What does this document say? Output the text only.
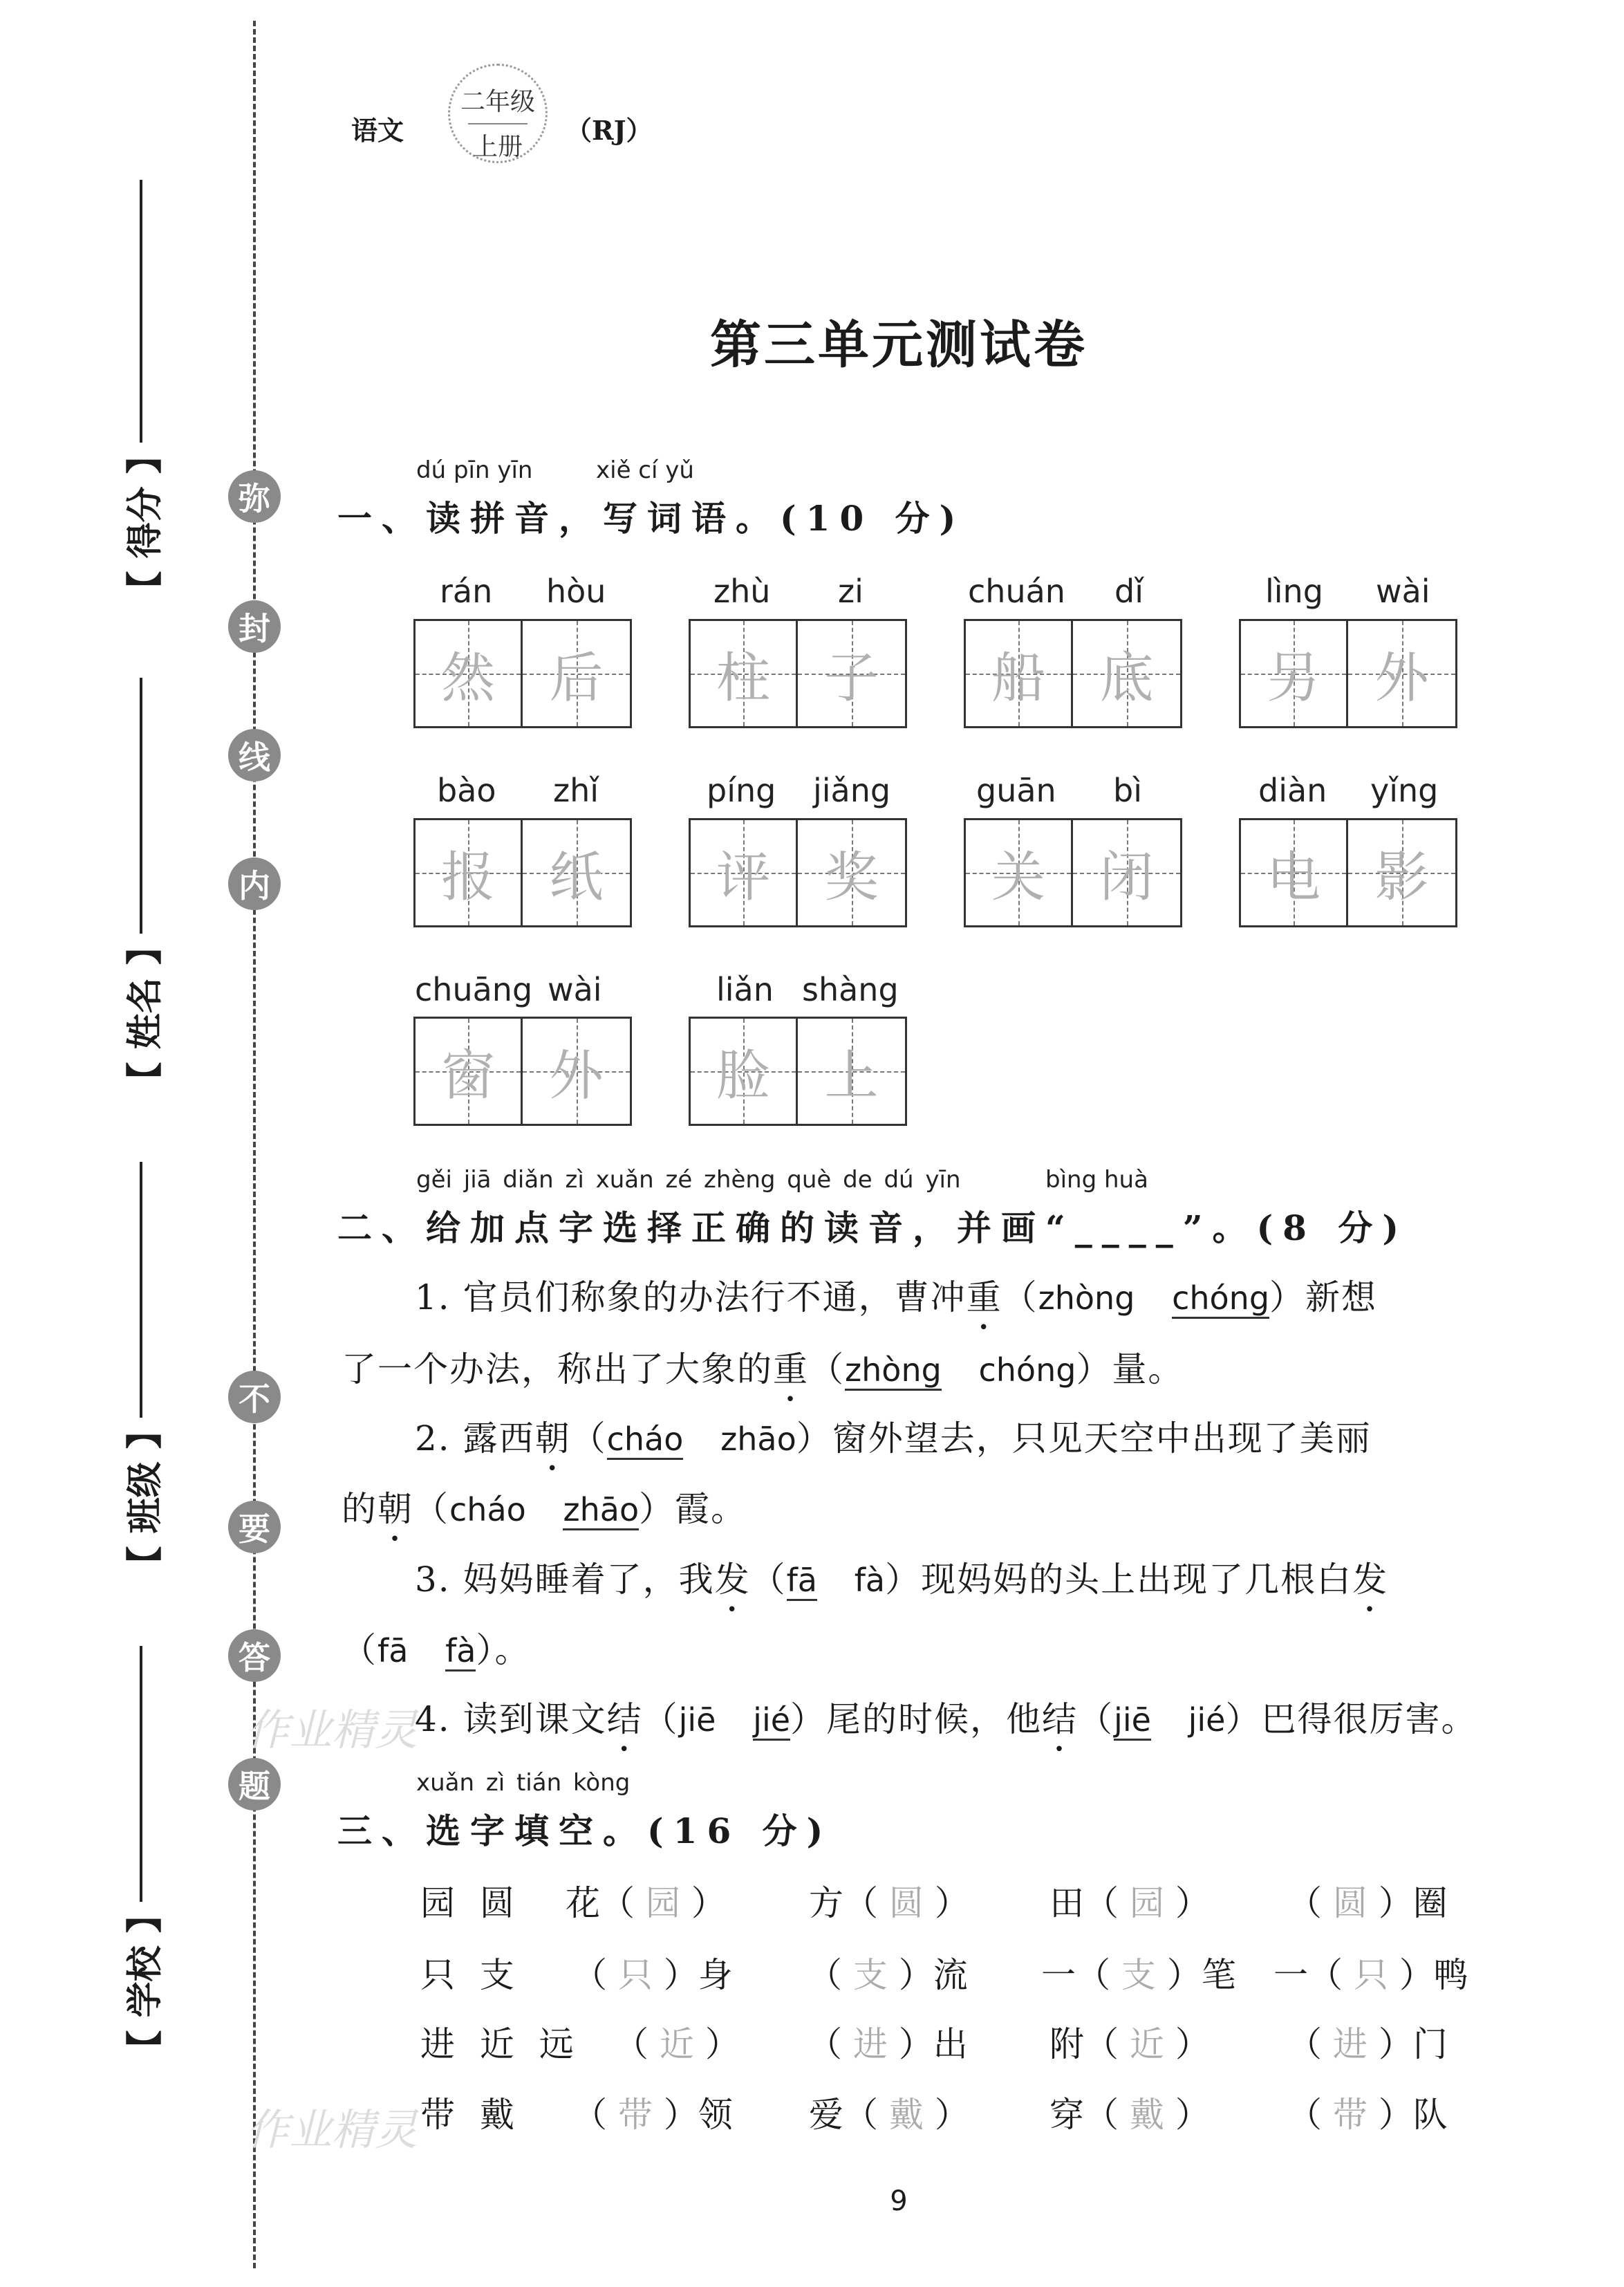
弥
封
线
内
不
要
答
题
【 得分 】
【 姓名 】
【 班级 】
【 学校 】
语文
二年级
上册
（RJ）
第三单元测试卷
dú pīn yīn	xiě cí yǔ
一、读拼音，写词语。(10 分)
rán hòu
然	后
zhù zi
柱	子
chuán dǐ
船	底
lìng wài
另	外
bào zhǐ
报	纸
píng jiǎng
评	奖
guān bì
关	闭
diàn yǐng
电	影
chuāng wài
窗	外
liǎn shàng
脸	上
gěi jiā diǎn zì xuǎn zé zhèng què de dú yīn	bìng huà
二、给加点字选择正确的读音，并画“____”。(8 分)
1. 官员们称象的办法行不通，曹冲重（zhòng chóng）新想
了一个办法，称出了大象的重（zhòng chóng）量。
2. 露西朝（cháo zhāo）窗外望去，只见天空中出现了美丽
的朝（cháo zhāo）霞。
3. 妈妈睡着了，我发（fā fà）现妈妈的头上出现了几根白发
（fā fà）。
4. 读到课文结（jiē jié）尾的时候，他结（jiē jié）巴得很厉害。
xuǎn zì tián kòng
三、选字填空。(16 分)
园 圆 花（ 园 ） 方（ 圆 ） 田（ 园 ） （ 圆 ）圈
只 支 （ 只 ）身 （ 支 ）流 一（ 支 ）笔 一（ 只 ）鸭
进 近 远 （ 近 ） （ 进 ）出 附（ 近 ） （ 进 ）门
带 戴 （ 带 ）领 爱（ 戴 ） 穿（ 戴 ） （ 带 ）队
作业精灵
作业精灵
9
